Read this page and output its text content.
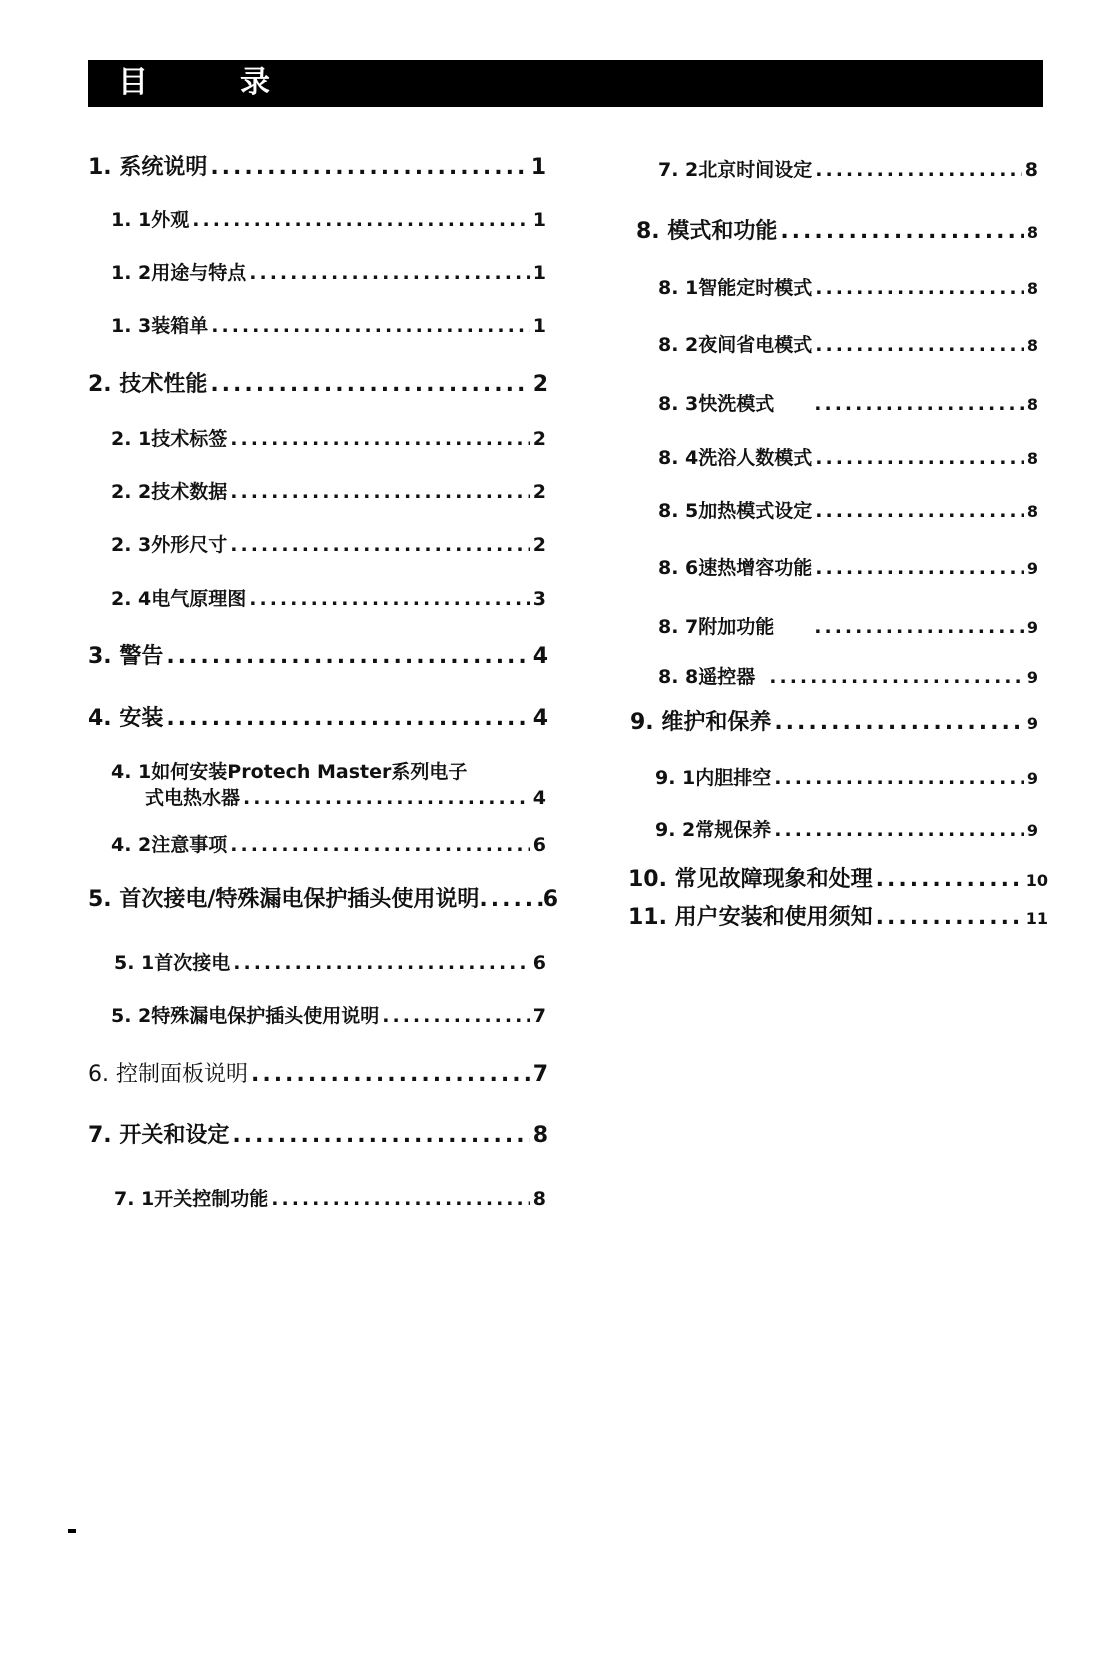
目	录
1. 系统说明 .....	1
1. 1外观 .....	1
1. 2用途与特点 .....	1
1. 3装箱单 .....	1
2. 技术性能 .....	2
2. 1技术标签 .....	2
2. 2技术数据 .....	2
2. 3外形尺寸 .....	2
2. 4电气原理图 .....	3
3. 警告 .....	4
4. 安装 .....	4
4. 1如何安装Protech Master系列电子
式电热水器 .....	4
4. 2注意事项 .....	6
5. 首次接电/特殊漏电保护插头使用说明 .....	6
5. 1首次接电 .....	6
5. 2特殊漏电保护插头使用说明 .....	7
6. 控制面板说明 .....	7
7. 开关和设定 .....	8
7. 1开关控制功能 .....	8
7. 2北京时间设定 .....	8
8. 模式和功能 .....	8
8. 1智能定时模式 .....	8
8. 2夜间省电模式 .....	8
8. 3快洗模式 .....	8
8. 4洗浴人数模式 .....	8
8. 5加热模式设定 .....	8
8. 6速热增容功能 .....	9
8. 7附加功能 .....	9
8. 8遥控器 .....	9
9. 维护和保养 .....	9
9. 1内胆排空 .....	9
9. 2常规保养 .....	9
10. 常见故障现象和处理 .....	10
11. 用户安装和使用须知 .....	11
